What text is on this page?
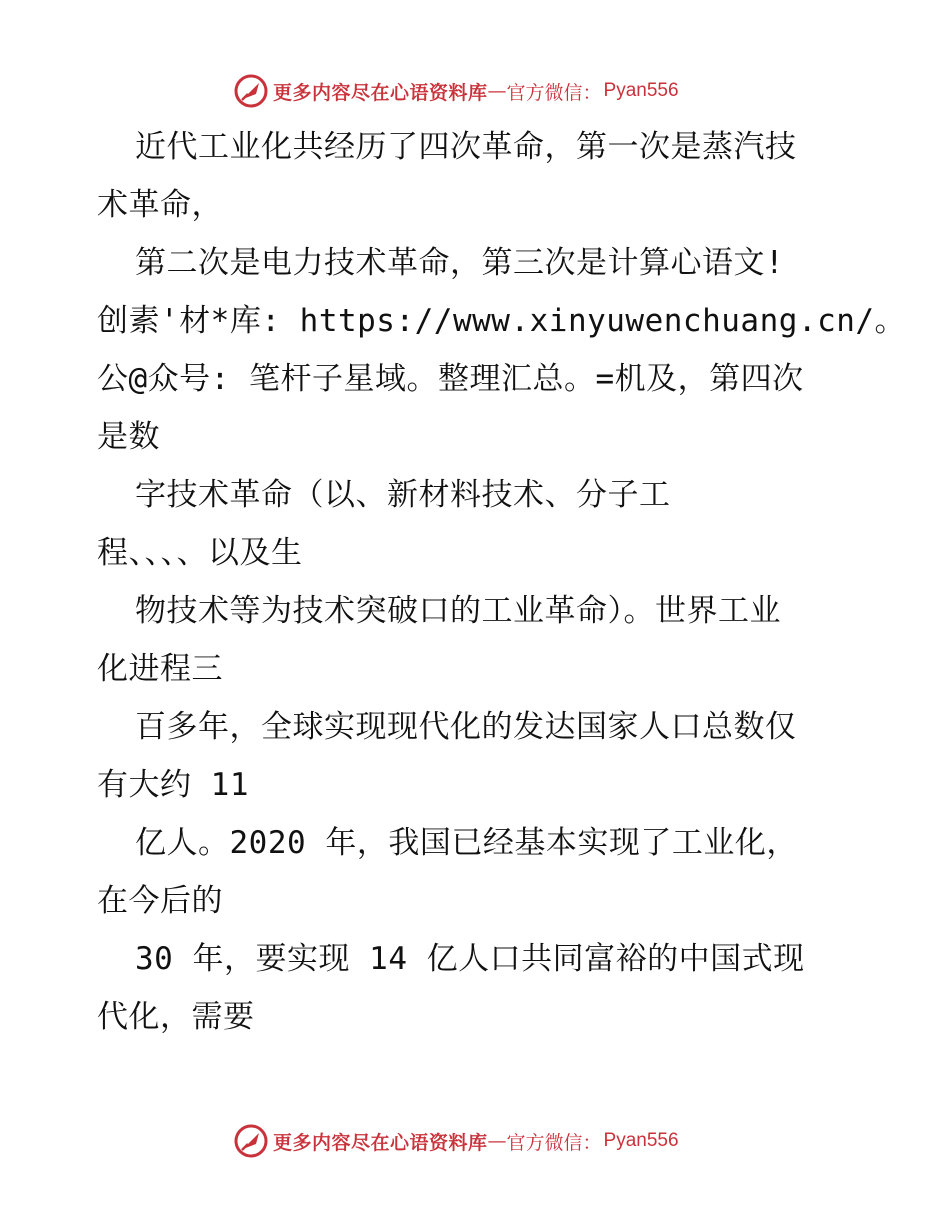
更多内容尽在心语资料库 — 官方微信： Pyan556
近代工业化共经历了四次革命，第一次是蒸汽技
术革命，
第二次是电力技术革命，第三次是计算心语文!
创素'材*库: https://www.xinyuwenchuang.cn/。
公@众号: 笔杆子星域。整理汇总。=机及，第四次
是数
字技术革命（以、新材料技术、分子工
程、、、、以及生
物技术等为技术突破口的工业革命）。世界工业
化进程三
百多年，全球实现现代化的发达国家人口总数仅
有大约 11
亿人。2020 年，我国已经基本实现了工业化，
在今后的
30 年，要实现 14 亿人口共同富裕的中国式现
代化，需要
更多内容尽在心语资料库 — 官方微信： Pyan556
